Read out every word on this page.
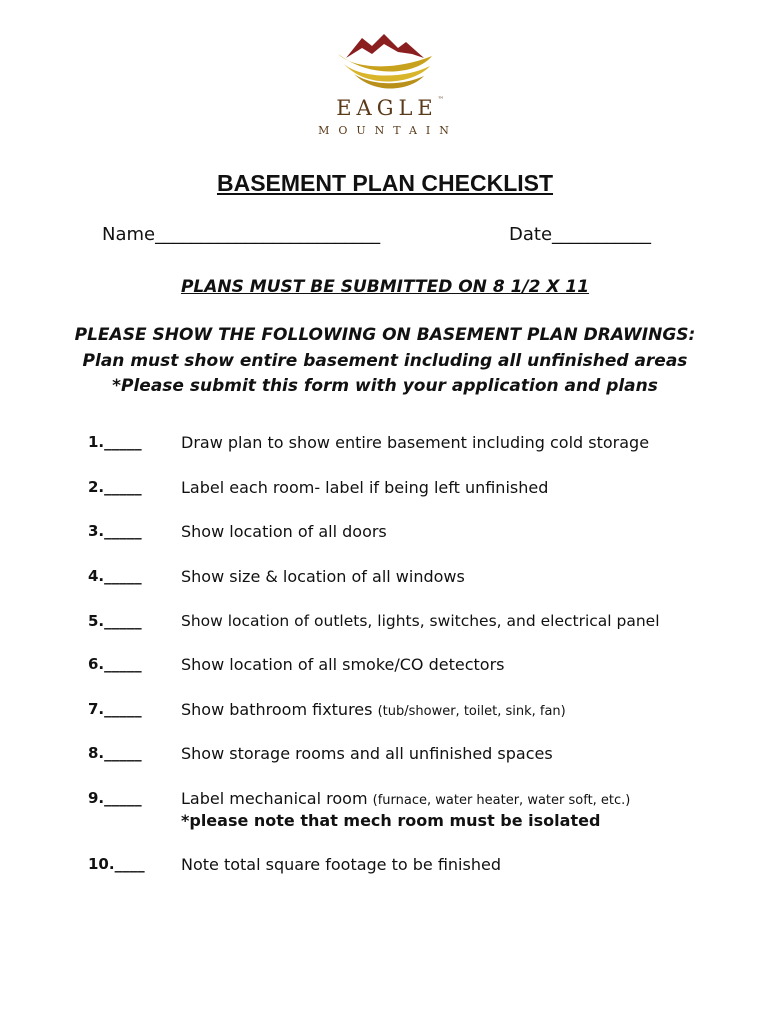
EAGLE™
MOUNTAIN
BASEMENT PLAN CHECKLIST
Name_________________________	Date___________
PLANS MUST BE SUBMITTED ON 8 1/2 X 11
PLEASE SHOW THE FOLLOWING ON BASEMENT PLAN DRAWINGS:
Plan must show entire basement including all unfinished areas
*Please submit this form with your application and plans
1._____ Draw plan to show entire basement including cold storage
2._____ Label each room- label if being left unfinished
3._____ Show location of all doors
4._____ Show size & location of all windows
5._____	Show location of outlets, lights, switches, and electrical panel
6._____ Show location of all smoke/CO detectors
7._____ Show bathroom fixtures (tub/shower, toilet, sink, fan)
8._____ Show storage rooms and all unfinished spaces
9._____ Label mechanical room (furnace, water heater, water soft, etc.)
*please note that mech room must be isolated
10.____ Note total square footage to be finished
